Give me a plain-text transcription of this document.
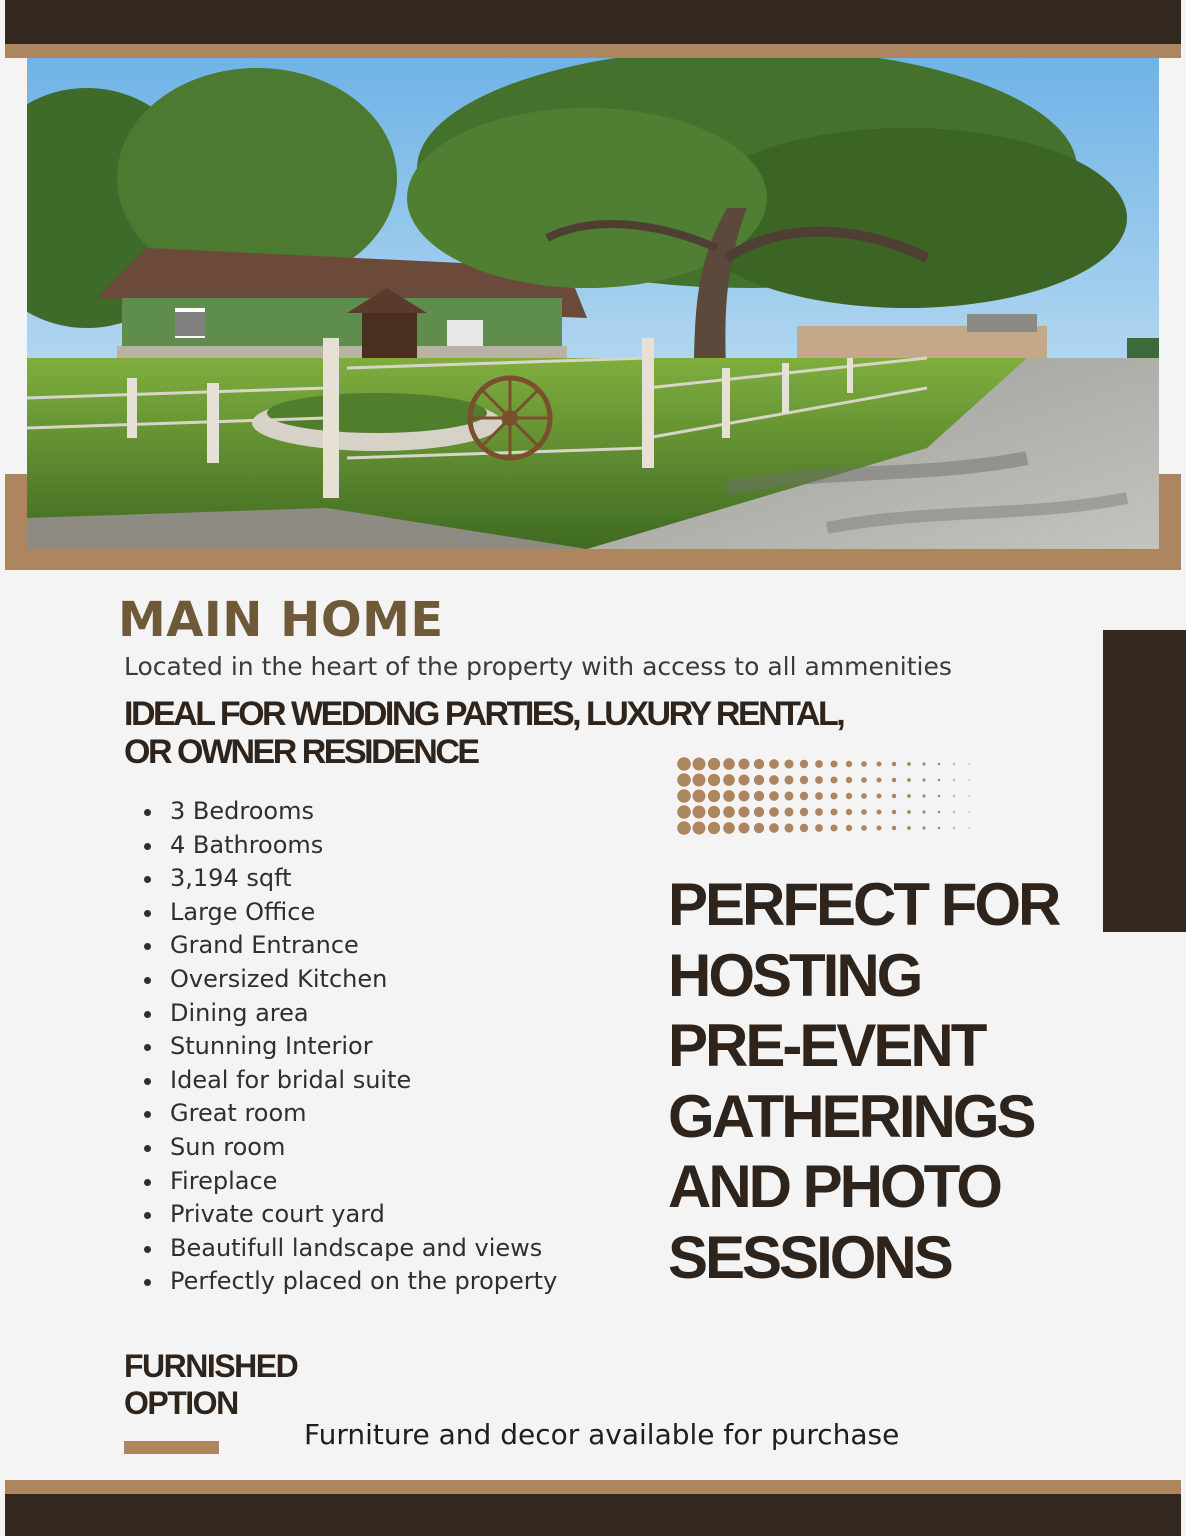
MAIN HOME
Located in the heart of the property with access to all ammenities
IDEAL FOR WEDDING PARTIES, LUXURY RENTAL,
OR OWNER RESIDENCE
3 Bedrooms
4 Bathrooms
3,194 sqft
Large Office
Grand Entrance
Oversized Kitchen
Dining area
Stunning Interior
Ideal for bridal suite
Great room
Sun room
Fireplace
Private court yard
Beautifull landscape and views
Perfectly placed on the property
PERFECT FOR
HOSTING
PRE-EVENT
GATHERINGS
AND PHOTO
SESSIONS
FURNISHED
OPTION
Furniture and decor available for purchase
